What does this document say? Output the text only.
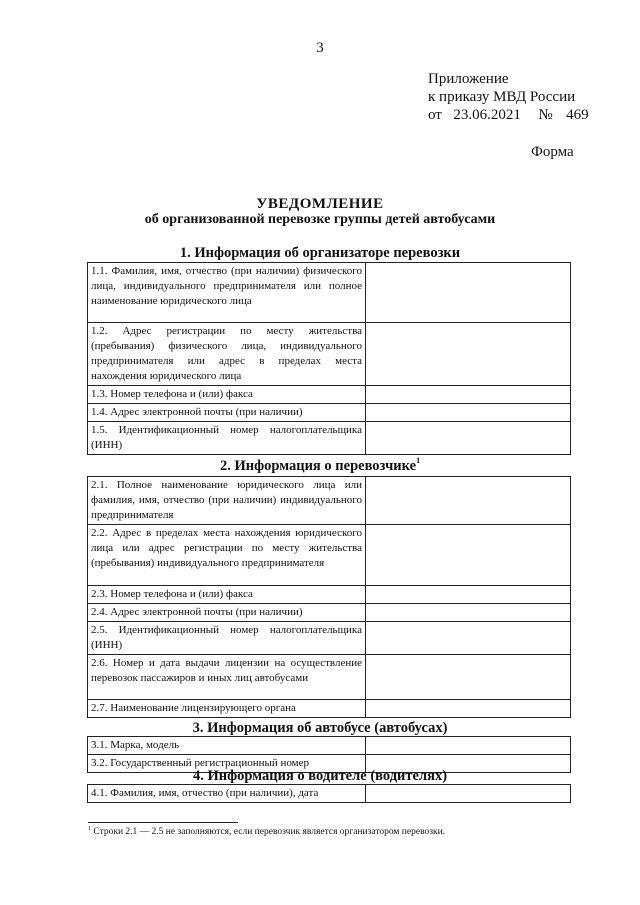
3
Приложение
к приказу МВД России
от 23.06.2021 № 469
Форма
УВЕДОМЛЕНИЕ
об организованной перевозке группы детей автобусами
1. Информация об организаторе перевозки
1.1. Фамилия, имя, отчество (при наличии) физического лица, индивидуального предпринимателя или полное наименование юридического лица	
1.2. Адрес регистрации по месту жительства (пребывания) физического лица, индивидуального предпринимателя или адрес в пределах места нахождения юридического лица	
1.3. Номер телефона и (или) факса	
1.4. Адрес электронной почты (при наличии)	
1.5. Идентификационный номер налогоплательщика (ИНН)	
2. Информация о перевозчике$^1$
2.1. Полное наименование юридического лица или фамилия, имя, отчество (при наличии) индивидуального предпринимателя	
2.2. Адрес в пределах места нахождения юридического лица или адрес регистрации по месту жительства (пребывания) индивидуального предпринимателя	
2.3. Номер телефона и (или) факса	
2.4. Адрес электронной почты (при наличии)	
2.5. Идентификационный номер налогоплательщика (ИНН)	
2.6. Номер и дата выдачи лицензии на осуществление перевозок пассажиров и иных лиц автобусами	
2.7. Наименование лицензирующего органа	
3. Информация об автобусе (автобусах)
3.1. Марка, модель	
3.2. Государственный регистрационный номер	
4. Информация о водителе (водителях)
4.1. Фамилия, имя, отчество (при наличии), дата	
$^1$ Строки 2.1 — 2.5 не заполняются, если перевозчик является организатором перевозки.
